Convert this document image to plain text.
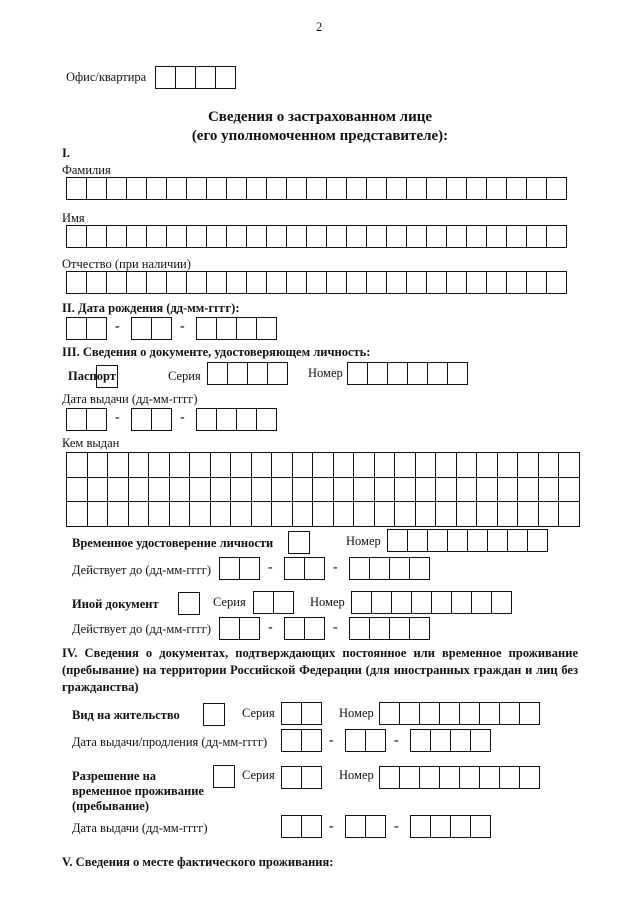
2
Офис/квартира
Сведения о застрахованном лице
(его уполномоченном представителе):
I.
Фамилия
Имя
Отчество (при наличии)
II. Дата рождения (дд-мм-гггг):
-	-
III. Сведения о документе, удостоверяющем личность:
Паспорт	Серия	Номер
Дата выдачи (дд-мм-гггг)
-	-
Кем выдан
Временное удостоверение личности	Номер
Действует до (дд-мм-гггг)	-	-
Иной документ	Серия	Номер
Действует до (дд-мм-гггг)	-	-
IV. Сведения о документах, подтверждающих постоянное или временное проживание (пребывание) на территории Российской Федерации (для иностранных граждан и лиц без гражданства)
Вид на жительство	Серия	Номер
Дата выдачи/продления (дд-мм-гггг)	-	-
Разрешение на
временное проживание
(пребывание)
Серия	Номер
Дата выдачи (дд-мм-гггг)	-	-
V. Сведения о месте фактического проживания:
